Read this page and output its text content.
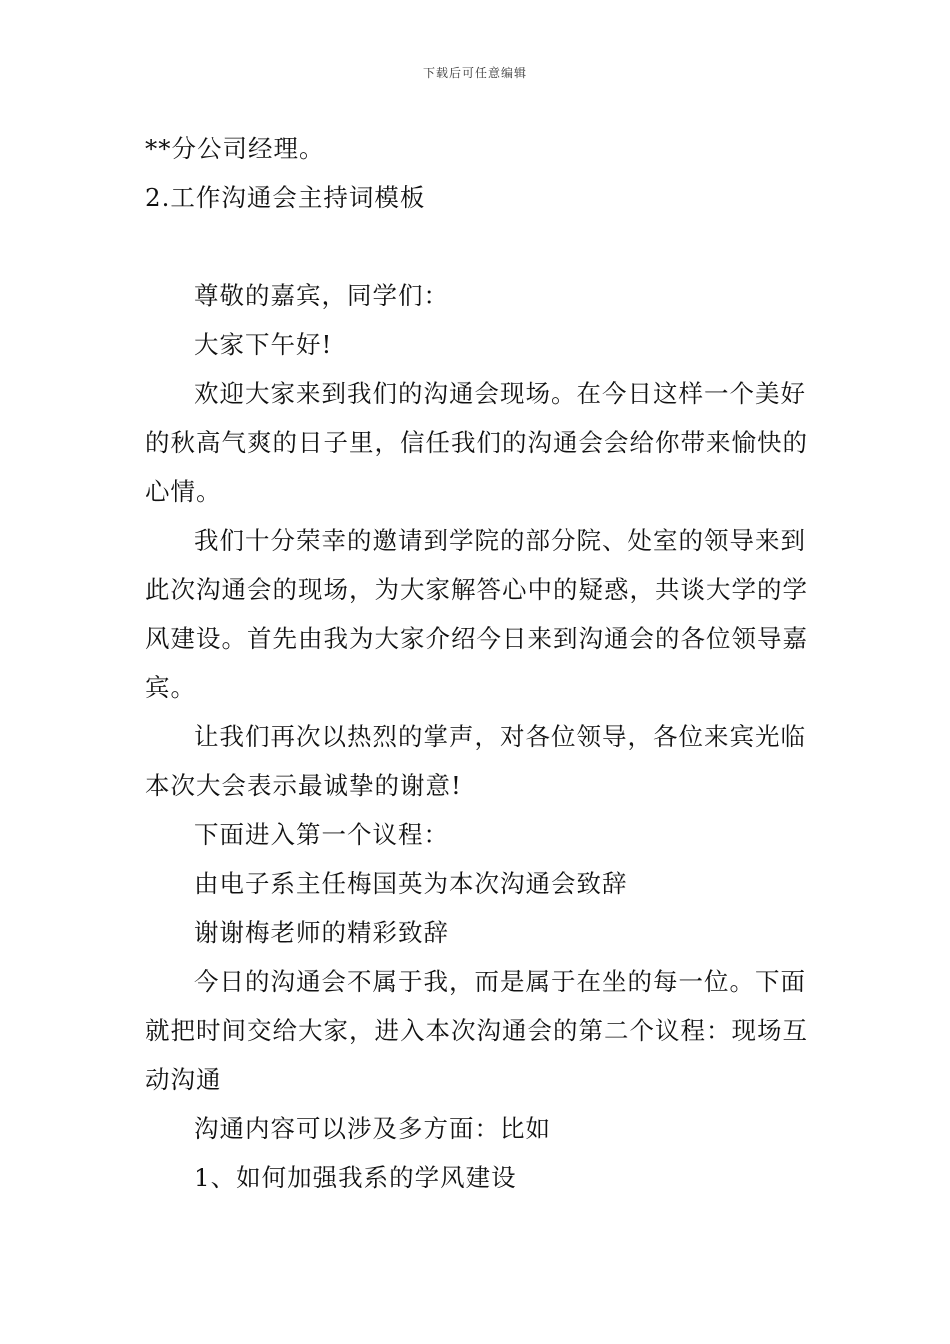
下载后可任意编辑

**分公司经理。

2.工作沟通会主持词模板

尊敬的嘉宾，同学们：

大家下午好!

欢迎大家来到我们的沟通会现场。在今日这样一个美好的秋高气爽的日子里，信任我们的沟通会会给你带来愉快的心情。

我们十分荣幸的邀请到学院的部分院、处室的领导来到此次沟通会的现场，为大家解答心中的疑惑，共谈大学的学风建设。首先由我为大家介绍今日来到沟通会的各位领导嘉宾。

让我们再次以热烈的掌声，对各位领导，各位来宾光临本次大会表示最诚挚的谢意!

下面进入第一个议程：

由电子系主任梅国英为本次沟通会致辞

谢谢梅老师的精彩致辞

今日的沟通会不属于我，而是属于在坐的每一位。下面就把时间交给大家，进入本次沟通会的第二个议程：现场互动沟通

沟通内容可以涉及多方面：比如

1、如何加强我系的学风建设
